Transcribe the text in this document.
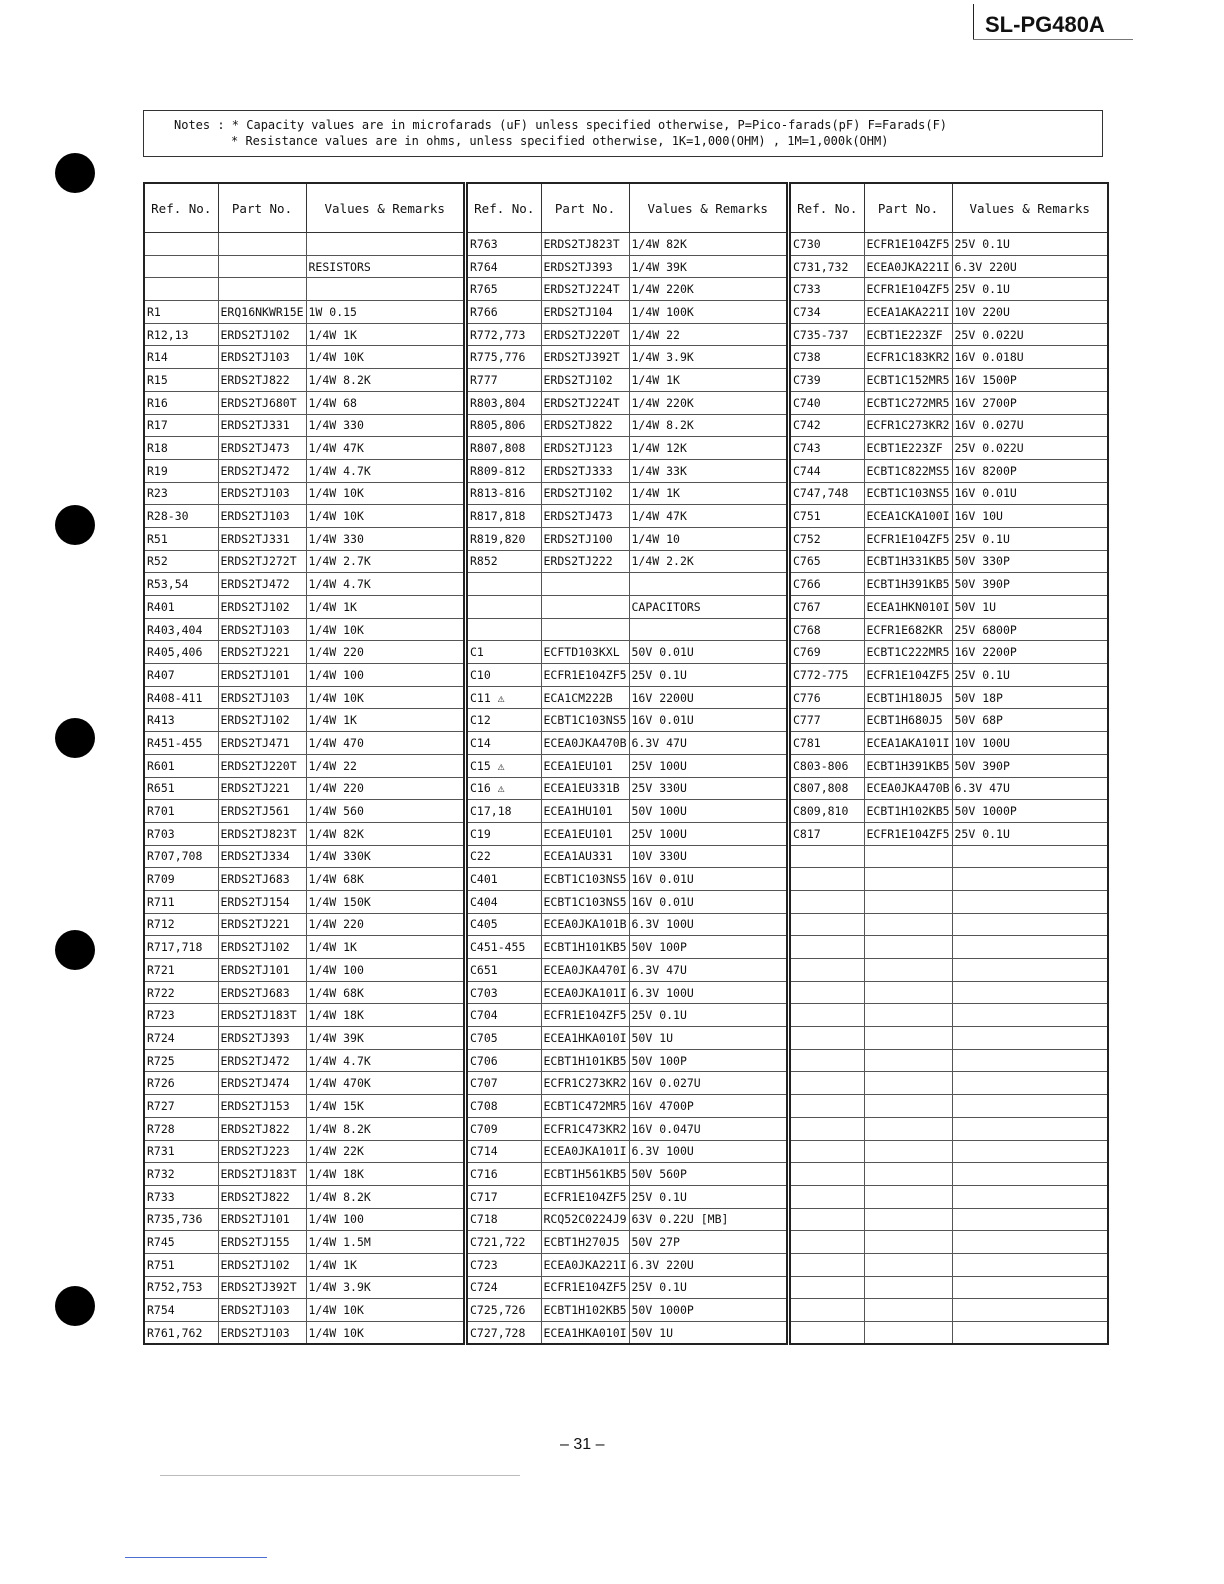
SL-PG480A
Notes : * Capacity values are in microfarads (uF) unless specified otherwise, P=Pico-farads(pF) F=Farads(F)
* Resistance values are in ohms, unless specified otherwise, 1K=1,000(OHM) , 1M=1,000k(OHM)
Ref. No.	Part No.	Values & Remarks

		RESISTORS

R1	ERQ16NKWR15E	1W 0.15
R12,13	ERDS2TJ102	1/4W 1K
R14	ERDS2TJ103	1/4W 10K
R15	ERDS2TJ822	1/4W 8.2K
R16	ERDS2TJ680T	1/4W 68
R17	ERDS2TJ331	1/4W 330
R18	ERDS2TJ473	1/4W 47K
R19	ERDS2TJ472	1/4W 4.7K
R23	ERDS2TJ103	1/4W 10K
R28-30	ERDS2TJ103	1/4W 10K
R51	ERDS2TJ331	1/4W 330
R52	ERDS2TJ272T	1/4W 2.7K
R53,54	ERDS2TJ472	1/4W 4.7K
R401	ERDS2TJ102	1/4W 1K
R403,404	ERDS2TJ103	1/4W 10K
R405,406	ERDS2TJ221	1/4W 220
R407	ERDS2TJ101	1/4W 100
R408-411	ERDS2TJ103	1/4W 10K
R413	ERDS2TJ102	1/4W 1K
R451-455	ERDS2TJ471	1/4W 470
R601	ERDS2TJ220T	1/4W 22
R651	ERDS2TJ221	1/4W 220
R701	ERDS2TJ561	1/4W 560
R703	ERDS2TJ823T	1/4W 82K
R707,708	ERDS2TJ334	1/4W 330K
R709	ERDS2TJ683	1/4W 68K
R711	ERDS2TJ154	1/4W 150K
R712	ERDS2TJ221	1/4W 220
R717,718	ERDS2TJ102	1/4W 1K
R721	ERDS2TJ101	1/4W 100
R722	ERDS2TJ683	1/4W 68K
R723	ERDS2TJ183T	1/4W 18K
R724	ERDS2TJ393	1/4W 39K
R725	ERDS2TJ472	1/4W 4.7K
R726	ERDS2TJ474	1/4W 470K
R727	ERDS2TJ153	1/4W 15K
R728	ERDS2TJ822	1/4W 8.2K
R731	ERDS2TJ223	1/4W 22K
R732	ERDS2TJ183T	1/4W 18K
R733	ERDS2TJ822	1/4W 8.2K
R735,736	ERDS2TJ101	1/4W 100
R745	ERDS2TJ155	1/4W 1.5M
R751	ERDS2TJ102	1/4W 1K
R752,753	ERDS2TJ392T	1/4W 3.9K
R754	ERDS2TJ103	1/4W 10K
R761,762	ERDS2TJ103	1/4W 10K
Ref. No.	Part No.	Values & Remarks
R763	ERDS2TJ823T	1/4W 82K
R764	ERDS2TJ393	1/4W 39K
R765	ERDS2TJ224T	1/4W 220K
R766	ERDS2TJ104	1/4W 100K
R772,773	ERDS2TJ220T	1/4W 22
R775,776	ERDS2TJ392T	1/4W 3.9K
R777	ERDS2TJ102	1/4W 1K
R803,804	ERDS2TJ224T	1/4W 220K
R805,806	ERDS2TJ822	1/4W 8.2K
R807,808	ERDS2TJ123	1/4W 12K
R809-812	ERDS2TJ333	1/4W 33K
R813-816	ERDS2TJ102	1/4W 1K
R817,818	ERDS2TJ473	1/4W 47K
R819,820	ERDS2TJ100	1/4W 10
R852	ERDS2TJ222	1/4W 2.2K

		CAPACITORS

C1	ECFTD103KXL	50V 0.01U
C10	ECFR1E104ZF5	25V 0.1U
C11 ⚠	ECA1CM222B	16V 2200U
C12	ECBT1C103NS5	16V 0.01U
C14	ECEA0JKA470B	6.3V 47U
C15 ⚠	ECEA1EU101	25V 100U
C16 ⚠	ECEA1EU331B	25V 330U
C17,18	ECEA1HU101	50V 100U
C19	ECEA1EU101	25V 100U
C22	ECEA1AU331	10V 330U
C401	ECBT1C103NS5	16V 0.01U
C404	ECBT1C103NS5	16V 0.01U
C405	ECEA0JKA101B	6.3V 100U
C451-455	ECBT1H101KB5	50V 100P
C651	ECEA0JKA470I	6.3V 47U
C703	ECEA0JKA101I	6.3V 100U
C704	ECFR1E104ZF5	25V 0.1U
C705	ECEA1HKA010I	50V 1U
C706	ECBT1H101KB5	50V 100P
C707	ECFR1C273KR2	16V 0.027U
C708	ECBT1C472MR5	16V 4700P
C709	ECFR1C473KR2	16V 0.047U
C714	ECEA0JKA101I	6.3V 100U
C716	ECBT1H561KB5	50V 560P
C717	ECFR1E104ZF5	25V 0.1U
C718	RCQ52C0224J9	63V 0.22U [MB]
C721,722	ECBT1H270J5	50V 27P
C723	ECEA0JKA221I	6.3V 220U
C724	ECFR1E104ZF5	25V 0.1U
C725,726	ECBT1H102KB5	50V 1000P
C727,728	ECEA1HKA010I	50V 1U
Ref. No.	Part No.	Values & Remarks
C730	ECFR1E104ZF5	25V 0.1U
C731,732	ECEA0JKA221I	6.3V 220U
C733	ECFR1E104ZF5	25V 0.1U
C734	ECEA1AKA221I	10V 220U
C735-737	ECBT1E223ZF	25V 0.022U
C738	ECFR1C183KR2	16V 0.018U
C739	ECBT1C152MR5	16V 1500P
C740	ECBT1C272MR5	16V 2700P
C742	ECFR1C273KR2	16V 0.027U
C743	ECBT1E223ZF	25V 0.022U
C744	ECBT1C822MS5	16V 8200P
C747,748	ECBT1C103NS5	16V 0.01U
C751	ECEA1CKA100I	16V 10U
C752	ECFR1E104ZF5	25V 0.1U
C765	ECBT1H331KB5	50V 330P
C766	ECBT1H391KB5	50V 390P
C767	ECEA1HKN010I	50V 1U
C768	ECFR1E682KR	25V 6800P
C769	ECBT1C222MR5	16V 2200P
C772-775	ECFR1E104ZF5	25V 0.1U
C776	ECBT1H180J5	50V 18P
C777	ECBT1H680J5	50V 68P
C781	ECEA1AKA101I	10V 100U
C803-806	ECBT1H391KB5	50V 390P
C807,808	ECEA0JKA470B	6.3V 47U
C809,810	ECBT1H102KB5	50V 1000P
C817	ECFR1E104ZF5	25V 0.1U

– 31 –
